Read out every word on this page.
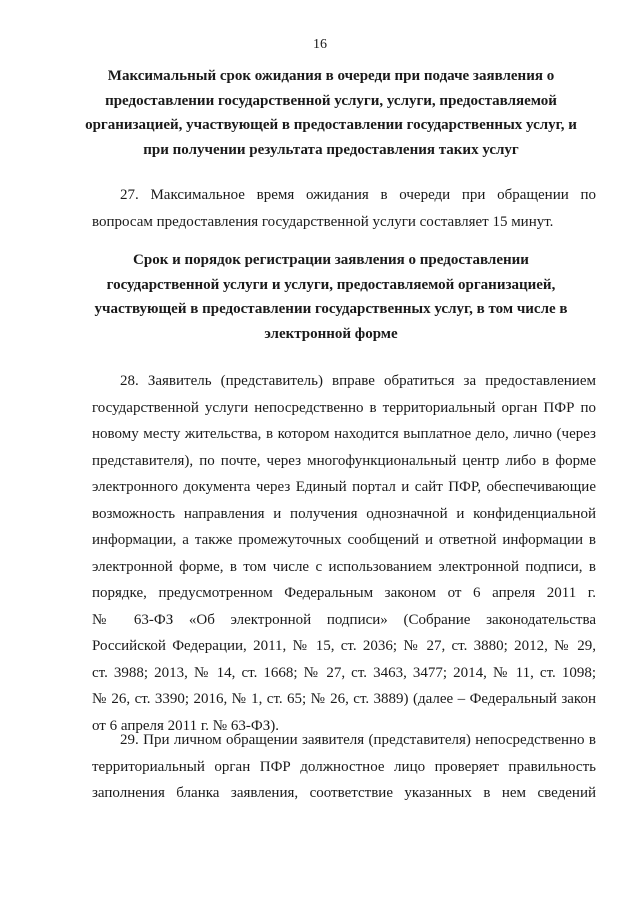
16
Максимальный срок ожидания в очереди при подаче заявления о
предоставлении государственной услуги, услуги, предоставляемой
организацией, участвующей в предоставлении государственных услуг, и
при получении результата предоставления таких услуг
27. Максимальное время ожидания в очереди при обращении по
вопросам предоставления государственной услуги составляет 15 минут.
Срок и порядок регистрации заявления о предоставлении
государственной услуги и услуги, предоставляемой организацией,
участвующей в предоставлении государственных услуг, в том числе в
электронной форме
28. Заявитель (представитель) вправе обратиться за предоставлением
государственной услуги непосредственно в территориальный орган ПФР по
новому месту жительства, в котором находится выплатное дело, лично (через
представителя), по почте, через многофункциональный центр либо в форме
электронного документа через Единый портал и сайт ПФР, обеспечивающие
возможность направления и получения однозначной и конфиденциальной
информации, а также промежуточных сообщений и ответной информации в
электронной форме, в том числе с использованием электронной подписи, в
порядке, предусмотренном Федеральным законом от 6 апреля 2011 г.
№ 63-ФЗ «Об электронной подписи» (Собрание законодательства
Российской Федерации, 2011, № 15, ст. 2036; № 27, ст. 3880; 2012, № 29,
ст. 3988; 2013, № 14, ст. 1668; № 27, ст. 3463, 3477; 2014, № 11, ст. 1098;
№ 26, ст. 3390; 2016, № 1, ст. 65; № 26, ст. 3889) (далее – Федеральный закон
от 6 апреля 2011 г. № 63-ФЗ).
29. При личном обращении заявителя (представителя) непосредственно в
территориальный орган ПФР должностное лицо проверяет правильность
заполнения бланка заявления, соответствие указанных в нем сведений
